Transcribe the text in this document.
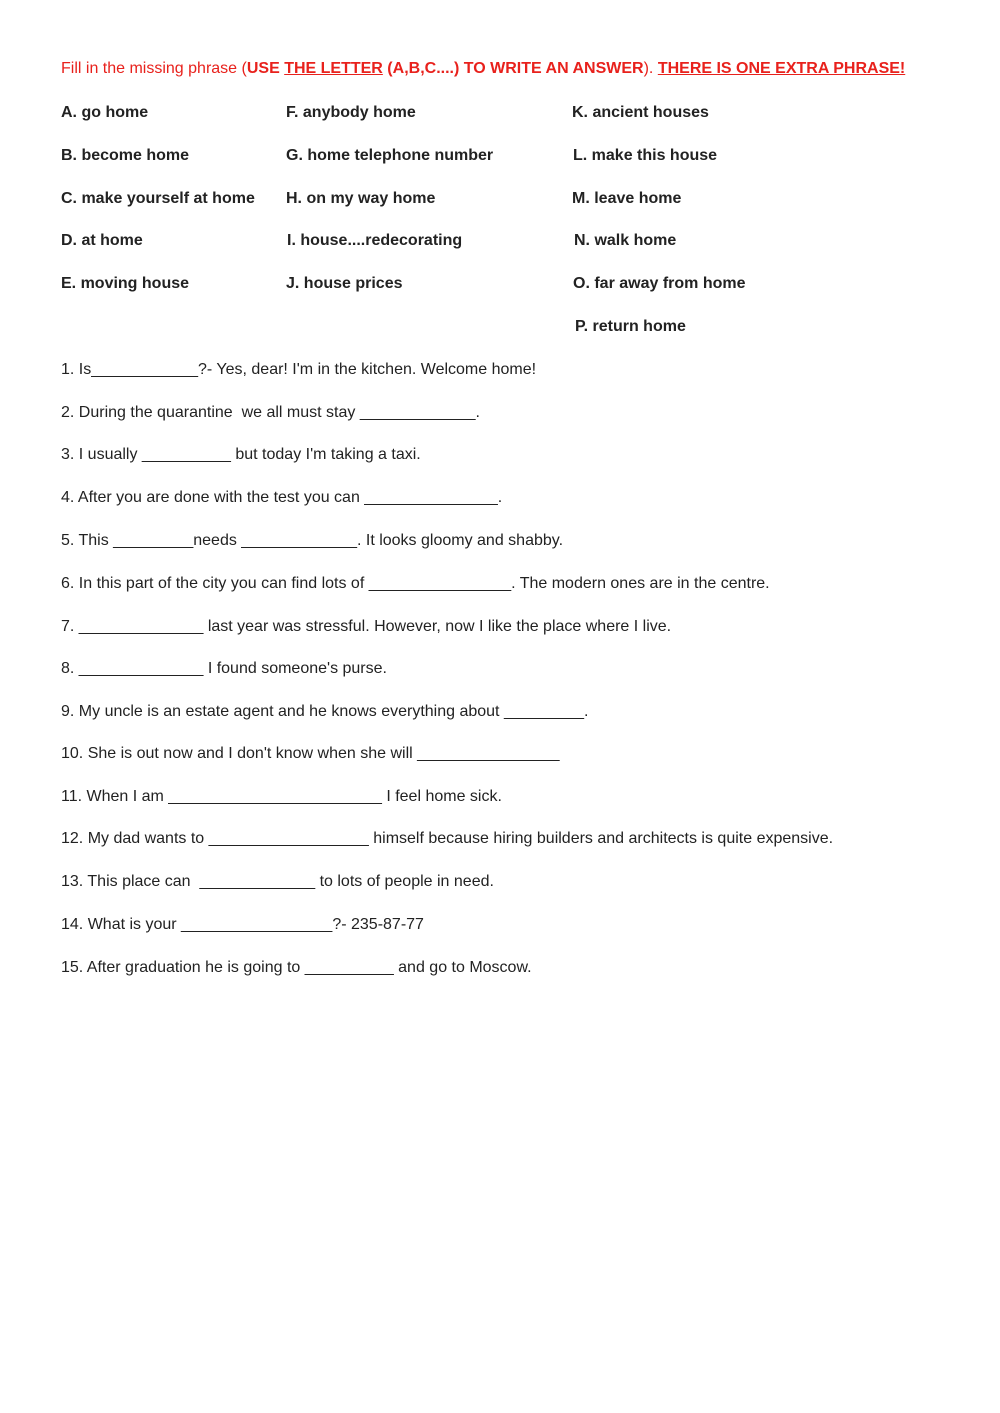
Fill in the missing phrase (USE THE LETTER (A,B,C....) TO WRITE AN ANSWER). THERE IS ONE EXTRA PHRASE!
A. go home
B. become home
C. make yourself at home
D. at home
E. moving house
F. anybody home
G. home telephone number
H. on my way home
I. house....redecorating
J. house prices
K. ancient houses
L. make this house
M. leave home
N. walk home
O. far away from home
P. return home
1. Is____________?- Yes, dear! I'm in the kitchen. Welcome home!
2. During the quarantine  we all must stay _____________.
3. I usually __________ but today I'm taking a taxi.
4. After you are done with the test you can _______________.
5. This _________needs _____________. It looks gloomy and shabby.
6. In this part of the city you can find lots of ________________. The modern ones are in the centre.
7. ______________ last year was stressful. However, now I like the place where I live.
8. ______________ I found someone's purse.
9. My uncle is an estate agent and he knows everything about _________.
10. She is out now and I don't know when she will ________________
11. When I am ________________________ I feel home sick.
12. My dad wants to __________________ himself because hiring builders and architects is quite expensive.
13. This place can  _____________ to lots of people in need.
14. What is your _________________?- 235-87-77
15. After graduation he is going to __________ and go to Moscow.
